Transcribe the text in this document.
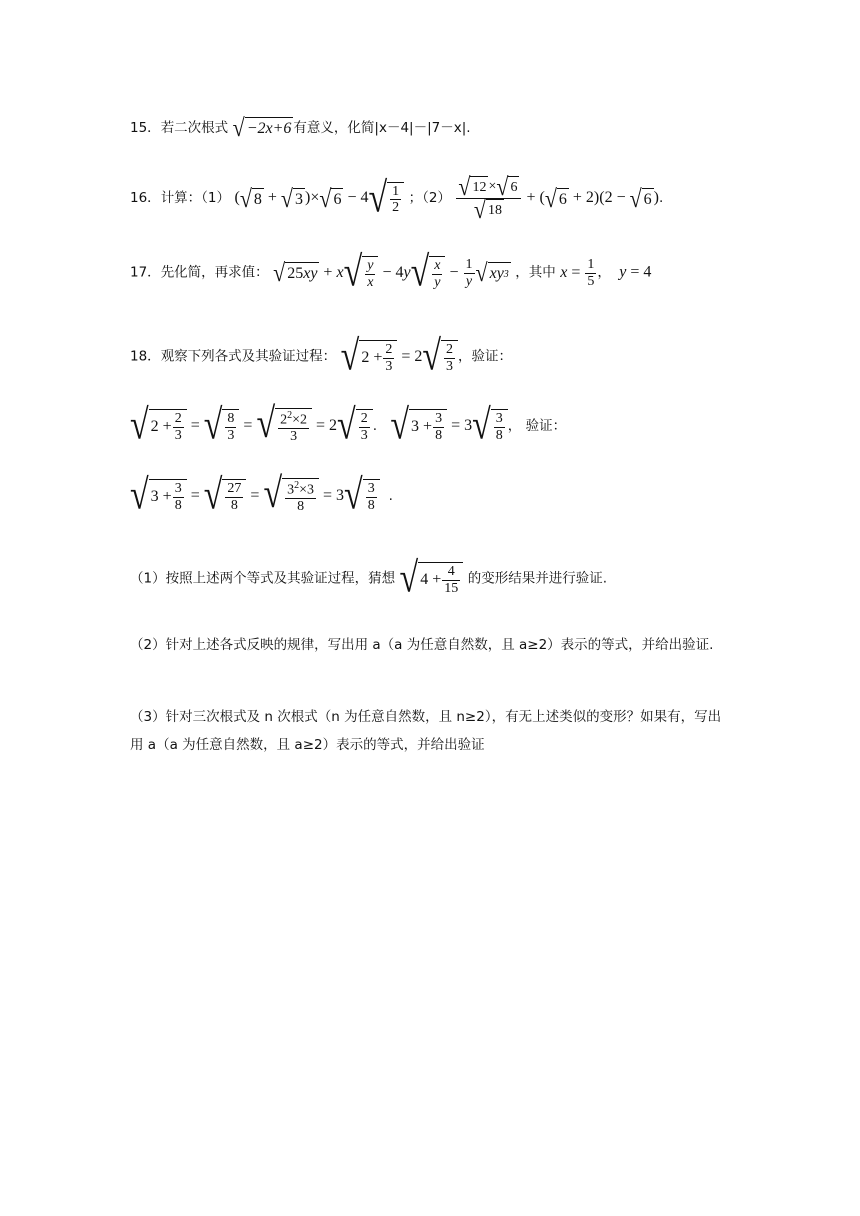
15．若二次根式 √ −2x+6 有意义，化简|x－4|－|7－x|.
16．计算：（1） ( √ 8 + √ 3 )× √ 6 − 4 √ $\frac{1}{2}$ ；$(2) \frac{√ 12 \times √ 6}{√ 18}$ + ( √ 6 + 2)(2 − √ 6 ).
17．先化简，再求值： √ 25 xy + x √ $\frac{y}{x} - 4y$ √ $\frac{x}{y} - \frac{1}{y}$ √ xy 3 ，其中 $x = \frac{1}{5}$ ， y = 4
18．观察下列各式及其验证过程： √ $2 + \frac{2}{3} = 2$ √ $\frac{2}{3}$ ，验证：
√ $2 + \frac{2}{3}$ = √ $\frac{8}{3}$ = √ $\frac{2^2\times 2}{3} = 2$ √ $\frac{2}{3}$ . √ $3 + \frac{3}{8} = 3$ √ $\frac{3}{8}$ ， 验证：
√ $3 + \frac{3}{8}$ = √ $\frac{27}{8}$ = √ $\frac{3^2\times 3}{8} = 3$ √ $\frac{3}{8}$ .
（1）按照上述两个等式及其验证过程，猜想 √ $4 + \frac{4}{15}$ 的变形结果并进行验证.
（2）针对上述各式反映的规律，写出用 a（a 为任意自然数，且 a≥2）表示的等式，并给出验证.
（3）针对三次根式及 n 次根式（n 为任意自然数，且 n≥2），有无上述类似的变形？如果有，写出用 a（a 为任意自然数，且 a≥2）表示的等式，并给出验证
